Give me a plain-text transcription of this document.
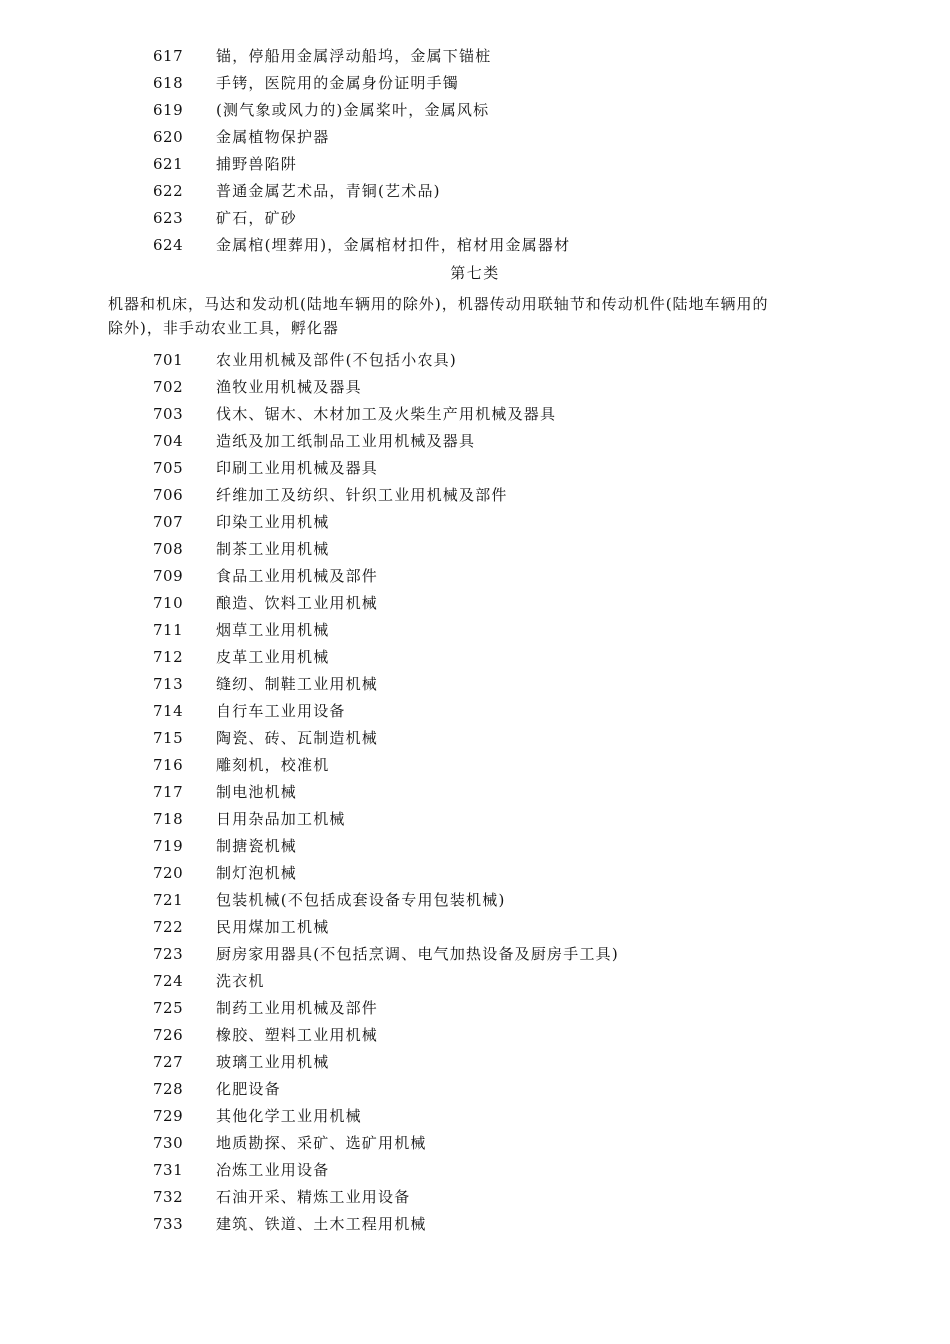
617	锚，停船用金属浮动船坞，金属下锚桩
618	手铐，医院用的金属身份证明手镯
619	(测气象或风力的)金属桨叶，金属风标
620	金属植物保护器
621	捕野兽陷阱
622	普通金属艺术品，青铜(艺术品)
623	矿石，矿砂
624	金属棺(埋葬用)，金属棺材扣件，棺材用金属器材
第七类
机器和机床，马达和发动机(陆地车辆用的除外)，机器传动用联轴节和传动机件(陆地车辆用的
除外)，非手动农业工具，孵化器
701	农业用机械及部件(不包括小农具)
702	渔牧业用机械及器具
703	伐木、锯木、木材加工及火柴生产用机械及器具
704	造纸及加工纸制品工业用机械及器具
705	印刷工业用机械及器具
706	纤维加工及纺织、针织工业用机械及部件
707	印染工业用机械
708	制茶工业用机械
709	食品工业用机械及部件
710	酿造、饮料工业用机械
711	烟草工业用机械
712	皮革工业用机械
713	缝纫、制鞋工业用机械
714	自行车工业用设备
715	陶瓷、砖、瓦制造机械
716	雕刻机，校准机
717	制电池机械
718	日用杂品加工机械
719	制搪瓷机械
720	制灯泡机械
721	包装机械(不包括成套设备专用包装机械)
722	民用煤加工机械
723	厨房家用器具(不包括烹调、电气加热设备及厨房手工具)
724	洗衣机
725	制药工业用机械及部件
726	橡胶、塑料工业用机械
727	玻璃工业用机械
728	化肥设备
729	其他化学工业用机械
730	地质勘探、采矿、选矿用机械
731	冶炼工业用设备
732	石油开采、精炼工业用设备
733	建筑、铁道、土木工程用机械
